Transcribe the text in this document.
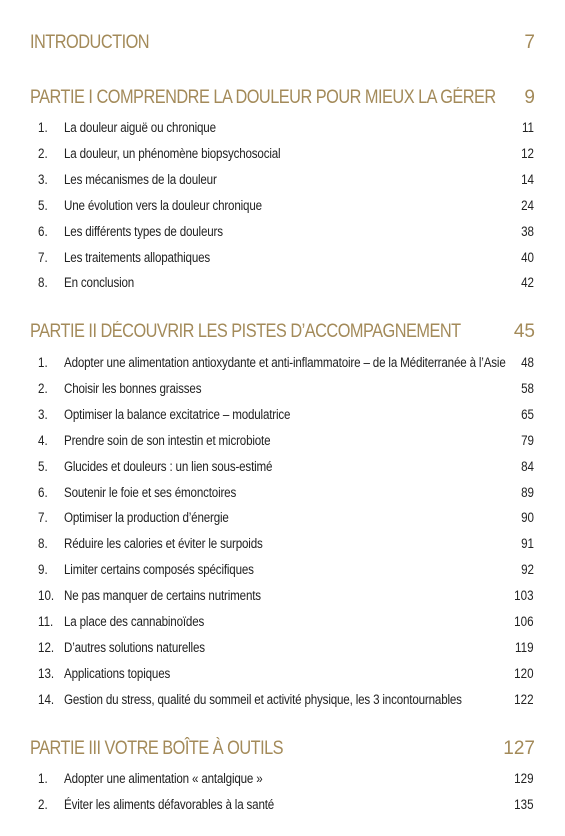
INTRODUCTION	7
PARTIE I COMPRENDRE LA DOULEUR POUR MIEUX LA GÉRER 9
1.	La douleur aiguë ou chronique	11
2.	La douleur, un phénomène biopsychosocial	12
3.	Les mécanismes de la douleur	14
5.	Une évolution vers la douleur chronique	24
6.	Les différents types de douleurs	38
7.	Les traitements allopathiques	40
8.	En conclusion	42
PARTIE II DÉCOUVRIR LES PISTES D’ACCOMPAGNEMENT	45
1.	Adopter une alimentation antioxydante et anti-inflammatoire – de la Méditerranée à l’Asie 48
2.	Choisir les bonnes graisses	58
3.	Optimiser la balance excitatrice – modulatrice	65
4.	Prendre soin de son intestin et microbiote	79
5.	Glucides et douleurs : un lien sous-estimé	84
6.	Soutenir le foie et ses émonctoires	89
7.	Optimiser la production d’énergie	90
8.	Réduire les calories et éviter le surpoids	91
9.	Limiter certains composés spécifiques	92
10. Ne pas manquer de certains nutriments	103
11. La place des cannabinoïdes	106
12. D’autres solutions naturelles	119
13. Applications topiques	120
14. Gestion du stress, qualité du sommeil et activité physique, les 3 incontournables	122
PARTIE III VOTRE BOÎTE À OUTILS	127
1.	Adopter une alimentation « antalgique »	129
2.	Éviter les aliments défavorables à la santé	135
